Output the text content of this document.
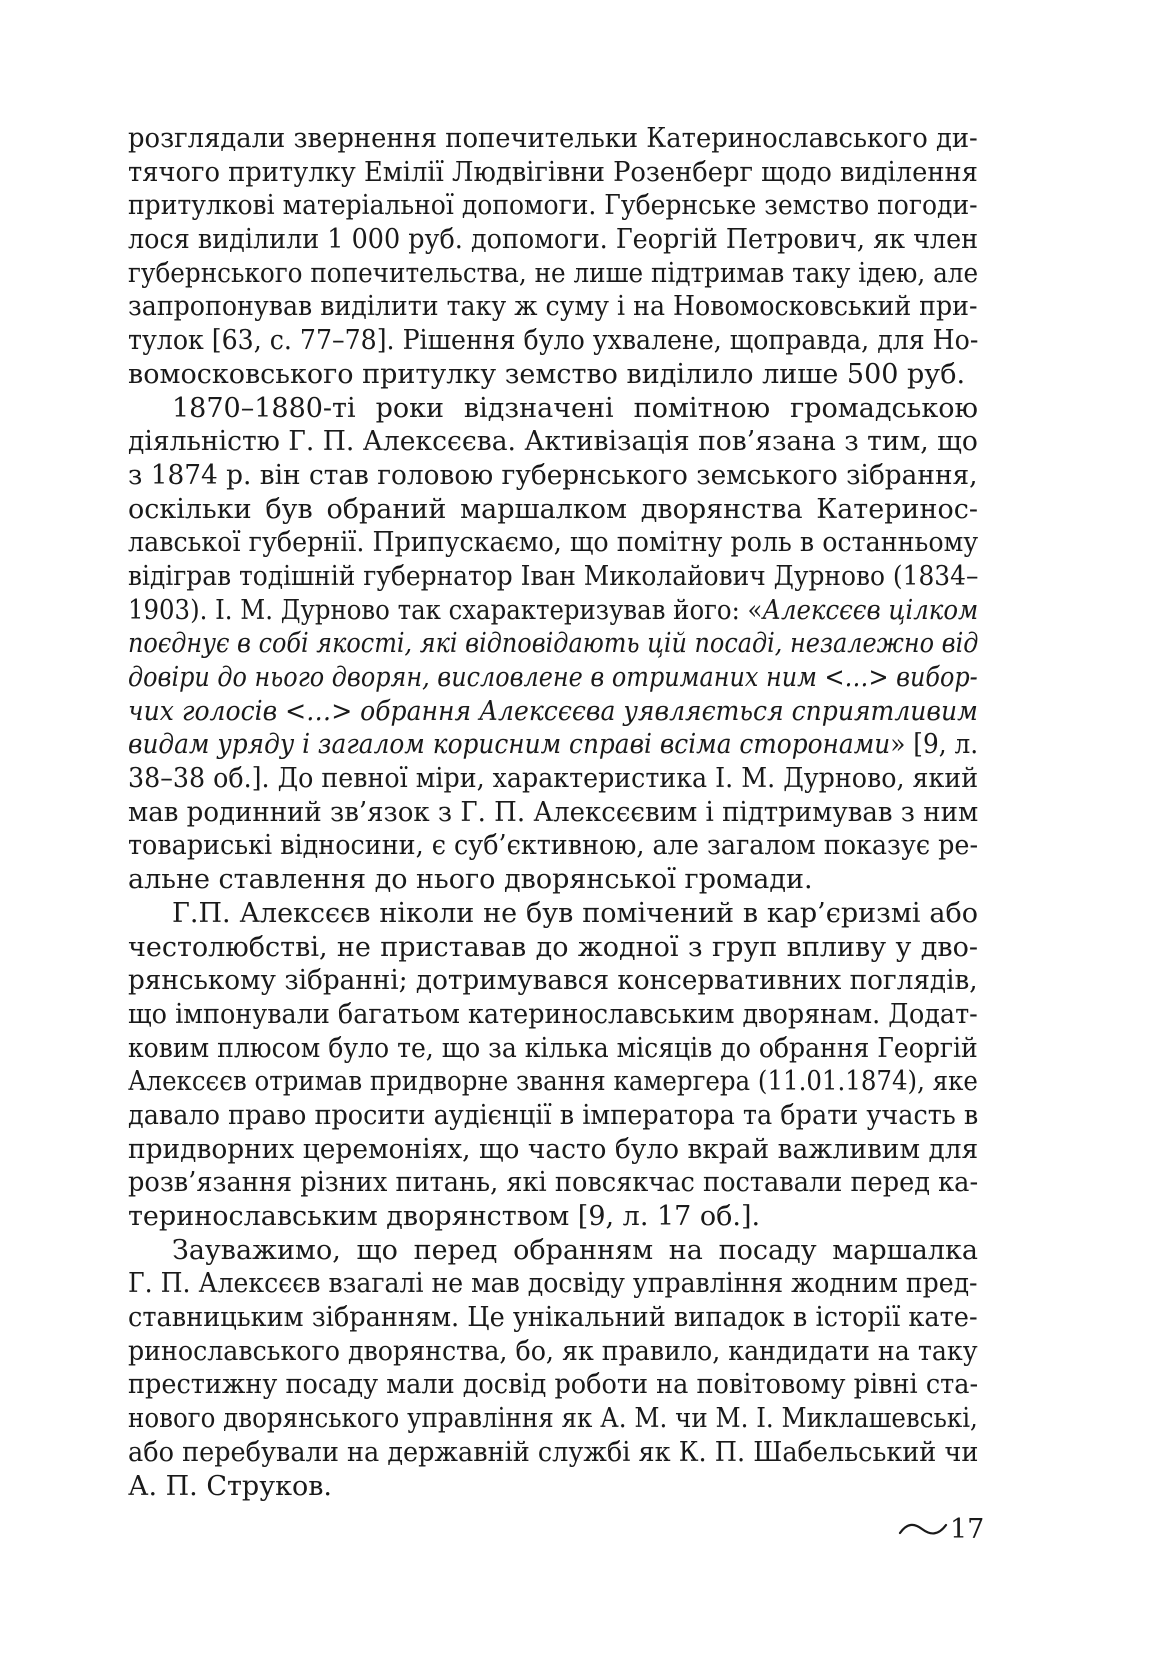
розглядали звернення попечительки Катеринославського ди-
тячого притулку Емілії Людвігівни Розенберг щодо виділення
притулкові матеріальної допомоги. Губернське земство погоди-
лося виділили 1 000 руб. допомоги. Георгій Петрович, як член
губернського попечительства, не лише підтримав таку ідею, але
запропонував виділити таку ж суму і на Новомосковський при-
тулок [63, с. 77–78]. Рішення було ухвалене, щоправда, для Но-
вомосковського притулку земство виділило лише 500 руб.
1870–1880-ті роки відзначені помітною громадською
діяльністю Г. П. Алексєєва. Активізація пов’язана з тим, що
з 1874 р. він став головою губернського земського зібрання,
оскільки був обраний маршалком дворянства Катеринос-
лавської губернії. Припускаємо, що помітну роль в останньому
відіграв тодішній губернатор Іван Миколайович Дурново (1834–
1903). І. М. Дурново так схарактеризував його: «Алексєєв цілком
поєднує в собі якості, які відповідають цій посаді, незалежно від
довіри до нього дворян, висловлене в отриманих ним <…> вибор-
чих голосів <…> обрання Алексєєва уявляється сприятливим
видам уряду і загалом корисним справі всіма сторонами» [9, л.
38–38 об.]. До певної міри, характеристика І. М. Дурново, який
мав родинний зв’язок з Г. П. Алексєєвим і підтримував з ним
товариські відносини, є суб’єктивною, але загалом показує ре-
альне ставлення до нього дворянської громади.
Г.П. Алексєєв ніколи не був помічений в кар’єризмі або
честолюбстві, не приставав до жодної з груп впливу у дво-
рянському зібранні; дотримувався консервативних поглядів,
що імпонували багатьом катеринославським дворянам. Додат-
ковим плюсом було те, що за кілька місяців до обрання Георгій
Алексєєв отримав придворне звання камергера (11.01.1874), яке
давало право просити аудієнції в імператора та брати участь в
придворних церемоніях, що часто було вкрай важливим для
розв’язання різних питань, які повсякчас поставали перед ка-
теринославським дворянством [9, л. 17 об.].
Зауважимо, що перед обранням на посаду маршалка
Г. П. Алексєєв взагалі не мав досвіду управління жодним пред-
ставницьким зібранням. Це унікальний випадок в історії кате-
ринославського дворянства, бо, як правило, кандидати на таку
престижну посаду мали досвід роботи на повітовому рівні ста-
нового дворянського управління як А. М. чи М. І. Миклашевські,
або перебували на державній службі як К. П. Шабельський чи
А. П. Струков.
17
